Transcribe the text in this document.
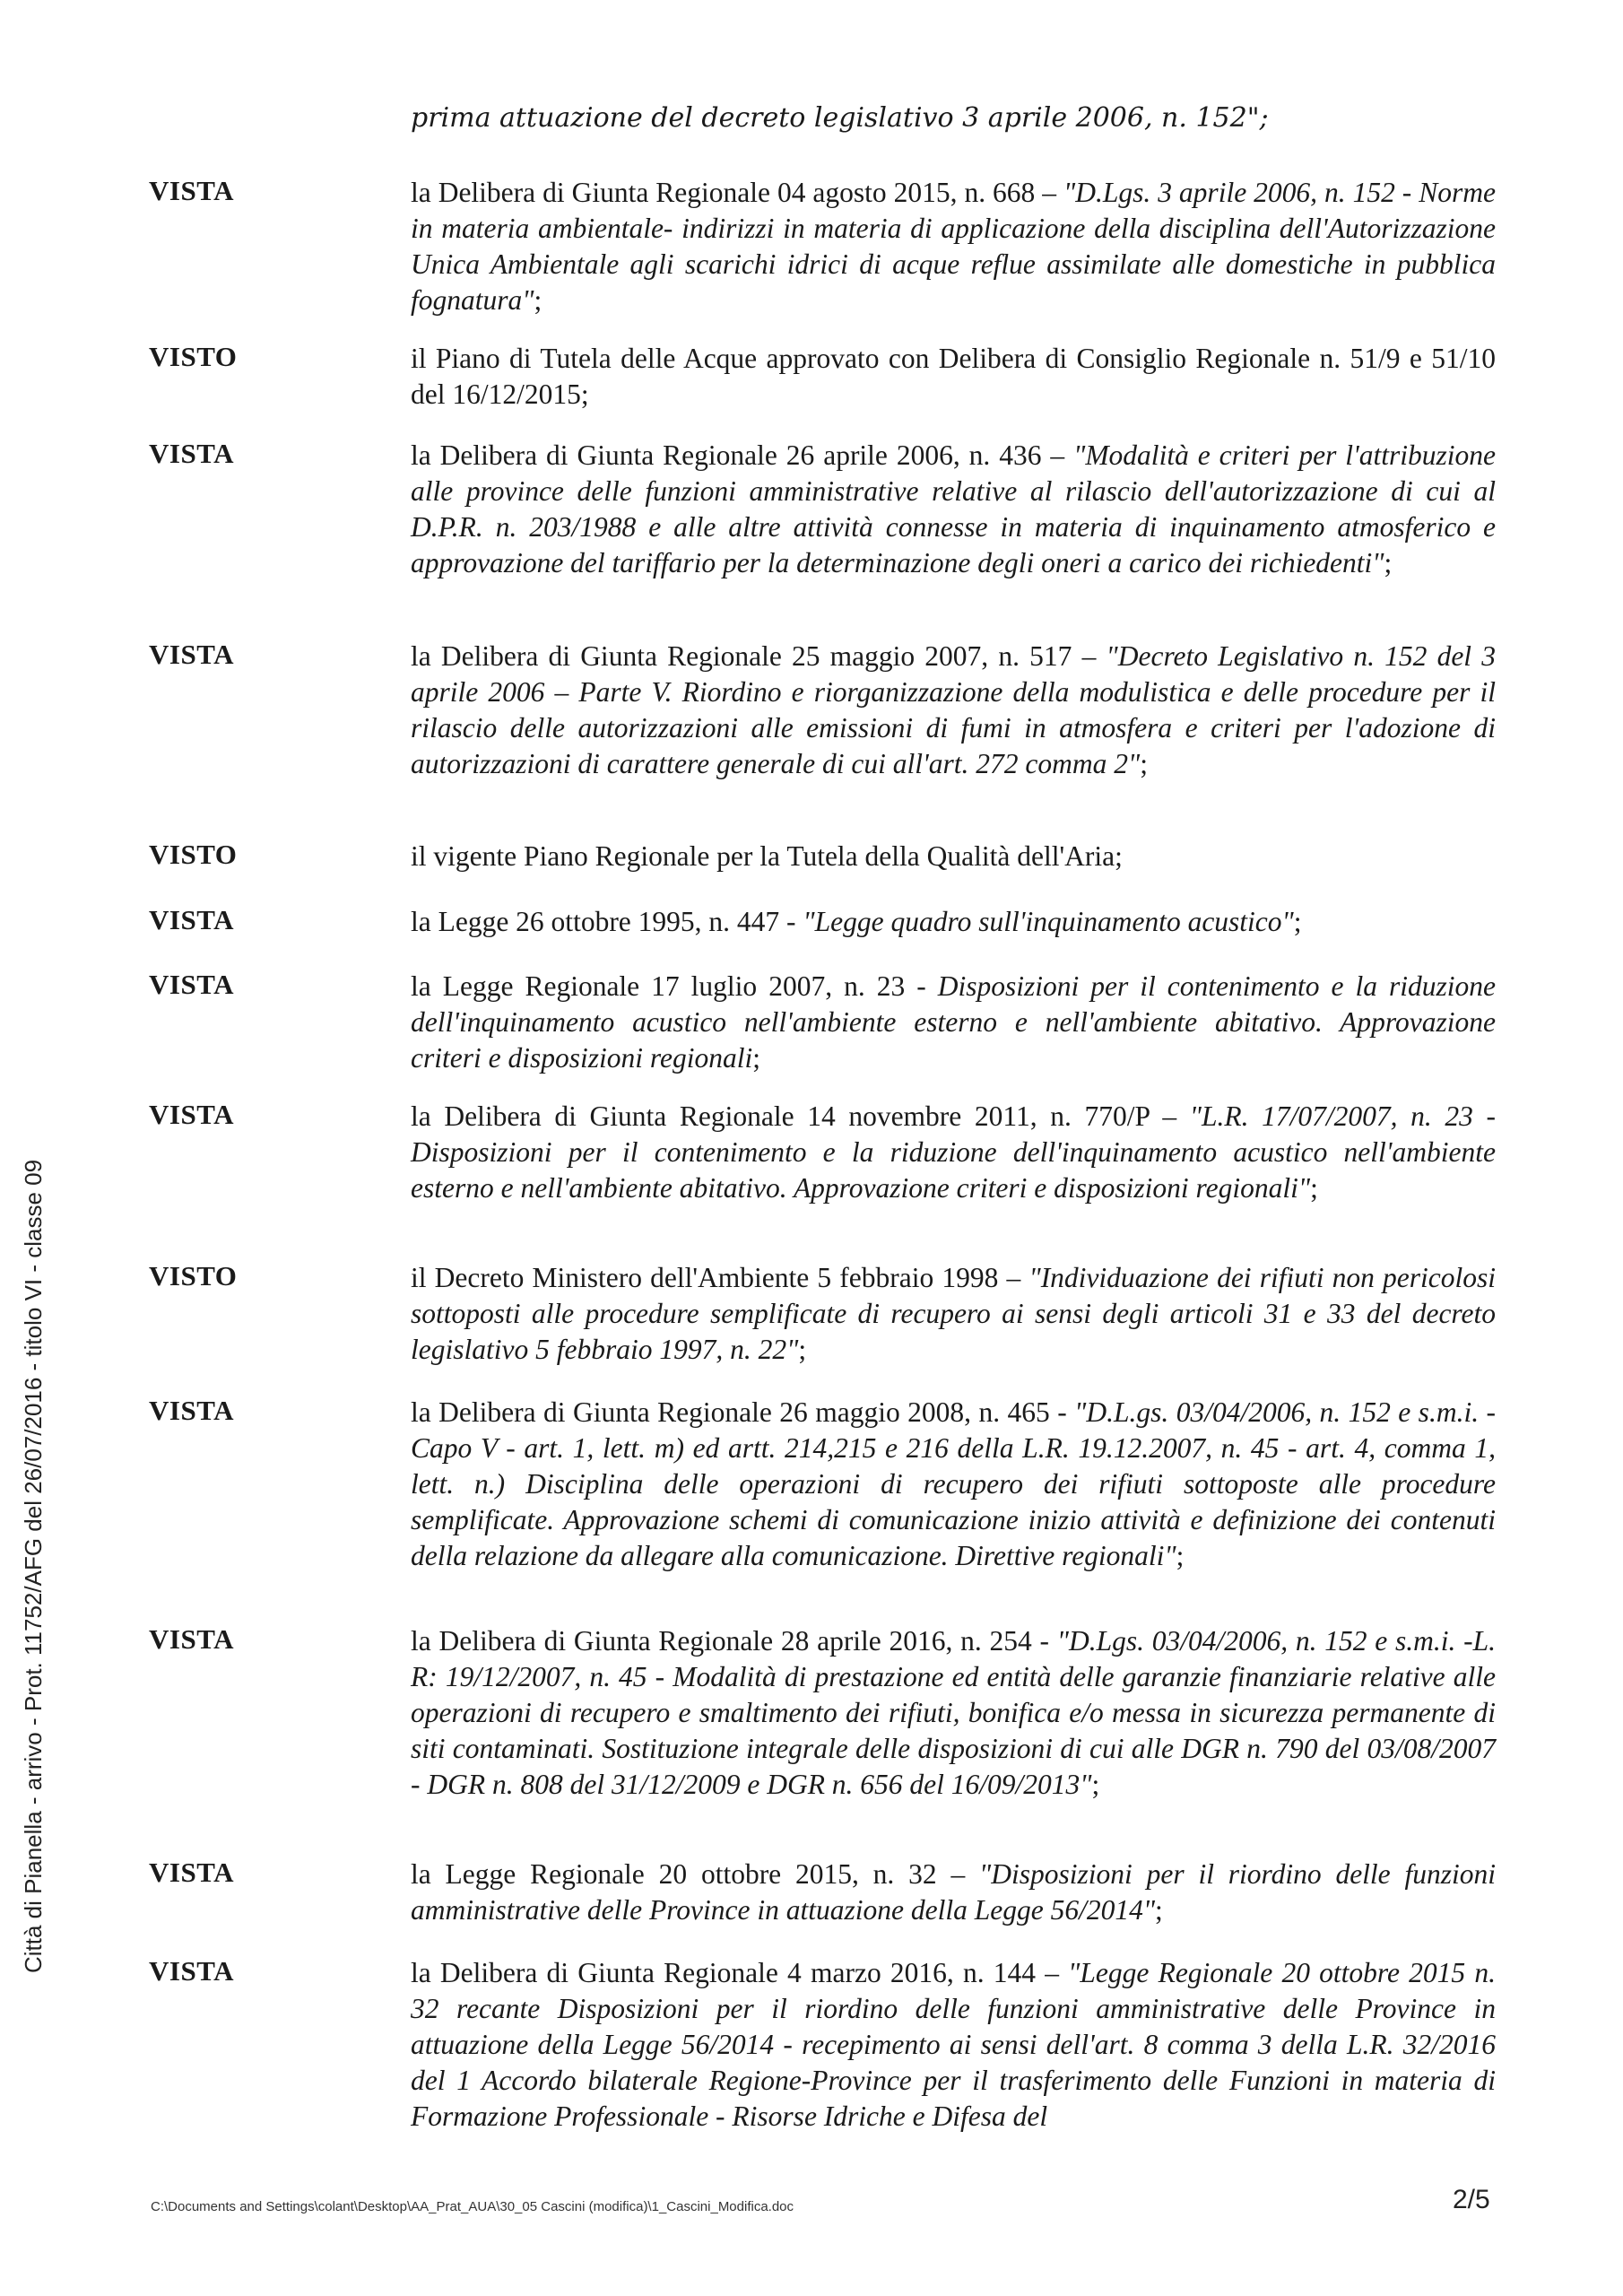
Città di Pianella - arrivo - Prot. 11752/AFG del 26/07/2016 - titolo VI - classe 09
prima attuazione del decreto legislativo 3 aprile 2006, n. 152";
VISTA	la Delibera di Giunta Regionale 04 agosto 2015, n. 668 – "D.Lgs. 3 aprile 2006, n. 152 - Norme in materia ambientale- indirizzi in materia di applicazione della disciplina dell'Autorizzazione Unica Ambientale agli scarichi idrici di acque reflue assimilate alle domestiche in pubblica fognatura";
VISTO	il Piano di Tutela delle Acque approvato con Delibera di Consiglio Regionale n. 51/9 e 51/10 del 16/12/2015;
VISTA	la Delibera di Giunta Regionale 26 aprile 2006, n. 436 – "Modalità e criteri per l'attribuzione alle province delle funzioni amministrative relative al rilascio dell'autorizzazione di cui al D.P.R. n. 203/1988 e alle altre attività connesse in materia di inquinamento atmosferico e approvazione del tariffario per la determinazione degli oneri a carico dei richiedenti";
VISTA	la Delibera di Giunta Regionale 25 maggio 2007, n. 517 – "Decreto Legislativo n. 152 del 3 aprile 2006 – Parte V. Riordino e riorganizzazione della modulistica e delle procedure per il rilascio delle autorizzazioni alle emissioni di fumi in atmosfera e criteri per l'adozione di autorizzazioni di carattere generale di cui all'art. 272 comma 2";
VISTO	il vigente Piano Regionale per la Tutela della Qualità dell'Aria;
VISTA	la Legge 26 ottobre 1995, n. 447 - "Legge quadro sull'inquinamento acustico";
VISTA	la Legge Regionale 17 luglio 2007, n. 23 - Disposizioni per il contenimento e la riduzione dell'inquinamento acustico nell'ambiente esterno e nell'ambiente abitativo. Approvazione criteri e disposizioni regionali;
VISTA	la Delibera di Giunta Regionale 14 novembre 2011, n. 770/P – "L.R. 17/07/2007, n. 23 - Disposizioni per il contenimento e la riduzione dell'inquinamento acustico nell'ambiente esterno e nell'ambiente abitativo. Approvazione criteri e disposizioni regionali";
VISTO	il Decreto Ministero dell'Ambiente 5 febbraio 1998 – "Individuazione dei rifiuti non pericolosi sottoposti alle procedure semplificate di recupero ai sensi degli articoli 31 e 33 del decreto legislativo 5 febbraio 1997, n. 22";
VISTA	la Delibera di Giunta Regionale 26 maggio 2008, n. 465 - "D.L.gs. 03/04/2006, n. 152 e s.m.i. - Capo V - art. 1, lett. m) ed artt. 214,215 e 216 della L.R. 19.12.2007, n. 45 - art. 4, comma 1, lett. n.) Disciplina delle operazioni di recupero dei rifiuti sottoposte alle procedure semplificate. Approvazione schemi di comunicazione inizio attività e definizione dei contenuti della relazione da allegare alla comunicazione. Direttive regionali";
VISTA	la Delibera di Giunta Regionale 28 aprile 2016, n. 254 - "D.Lgs. 03/04/2006, n. 152 e s.m.i. -L. R: 19/12/2007, n. 45 - Modalità di prestazione ed entità delle garanzie finanziarie relative alle operazioni di recupero e smaltimento dei rifiuti, bonifica e/o messa in sicurezza permanente di siti contaminati. Sostituzione integrale delle disposizioni di cui alle DGR n. 790 del 03/08/2007 - DGR n. 808 del 31/12/2009 e DGR n. 656 del 16/09/2013";
VISTA	la Legge Regionale 20 ottobre 2015, n. 32 – "Disposizioni per il riordino delle funzioni amministrative delle Province in attuazione della Legge 56/2014";
VISTA	la Delibera di Giunta Regionale 4 marzo 2016, n. 144 – "Legge Regionale 20 ottobre 2015 n. 32 recante Disposizioni per il riordino delle funzioni amministrative delle Province in attuazione della Legge 56/2014 - recepimento ai sensi dell'art. 8 comma 3 della L.R. 32/2016 del 1 Accordo bilaterale Regione-Province per il trasferimento delle Funzioni in materia di Formazione Professionale - Risorse Idriche e Difesa del
C:\Documents and Settings\colant\Desktop\AA_Prat_AUA\30_05 Cascini (modifica)\1_Cascini_Modifica.doc	2/5
